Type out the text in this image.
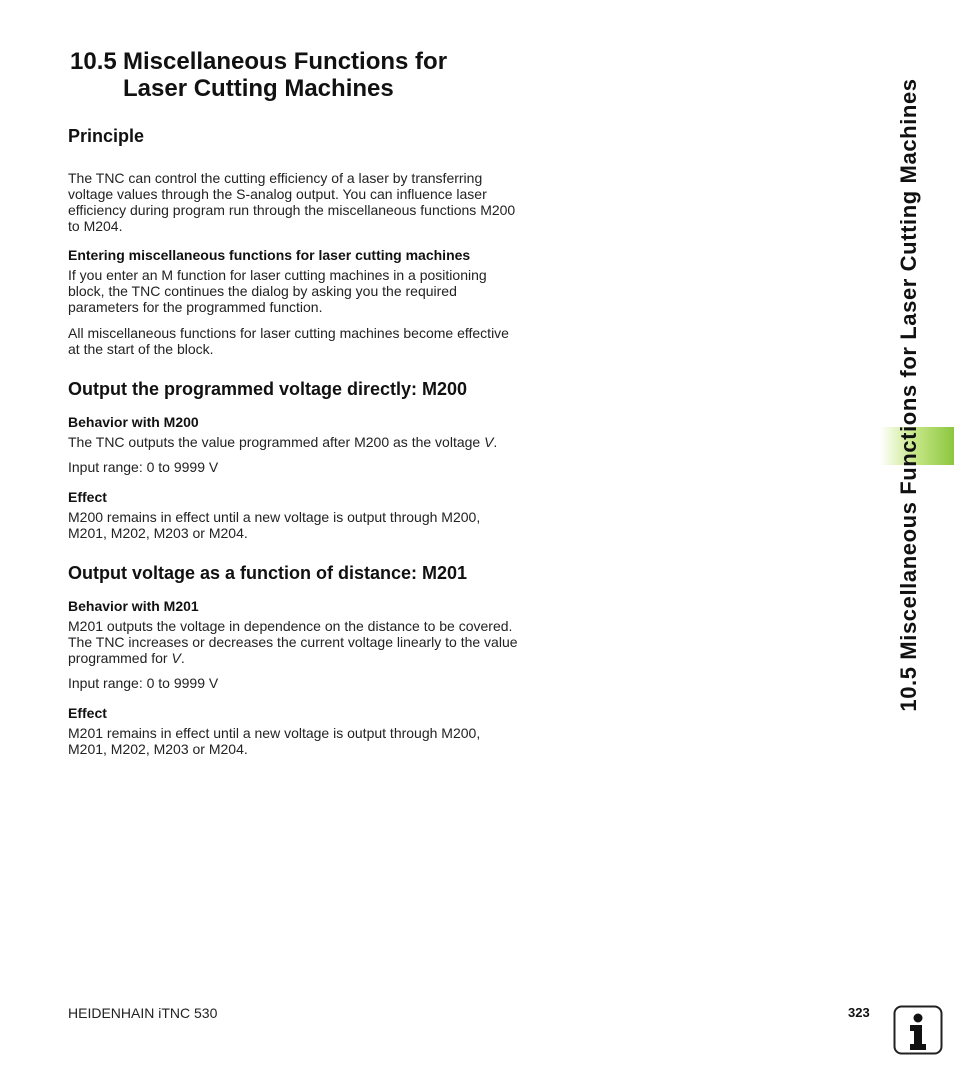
10.5 Miscellaneous Functions for
Laser Cutting Machines
Principle

The TNC can control the cutting efficiency of a laser by transferring voltage values through the S-analog output. You can influence laser efficiency during program run through the miscellaneous functions M200 to M204.

Entering miscellaneous functions for laser cutting machines

If you enter an M function for laser cutting machines in a positioning block, the TNC continues the dialog by asking you the required parameters for the programmed function.

All miscellaneous functions for laser cutting machines become effective at the start of the block.

Output the programmed voltage directly: M200
Behavior with M200

The TNC outputs the value programmed after M200 as the voltage V.

Input range: 0 to 9999 V

Effect

M200 remains in effect until a new voltage is output through M200, M201, M202, M203 or M204.

Output voltage as a function of distance: M201
Behavior with M201

M201 outputs the voltage in dependence on the distance to be covered. The TNC increases or decreases the current voltage linearly to the value programmed for V.

Input range: 0 to 9999 V

Effect

M201 remains in effect until a new voltage is output through M200, M201, M202, M203 or M204.

10.5 Miscellaneous Functions for Laser Cutting Machines
HEIDENHAIN iTNC 530	323
